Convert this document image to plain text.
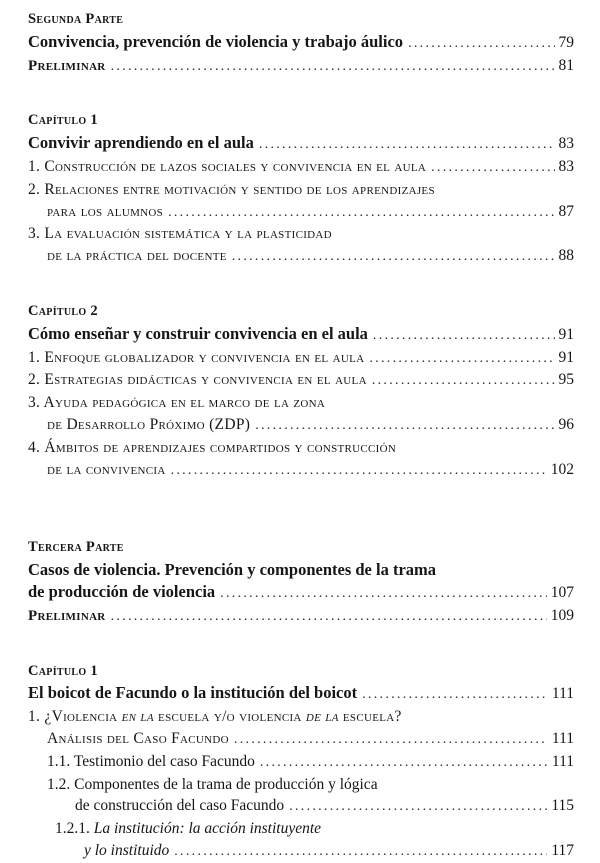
Segunda Parte
Convivencia, prevención de violencia y trabajo áulico .....	79
Preliminar .....	81
Capítulo 1
Convivir aprendiendo en el aula .....	83
1. Construcción de lazos sociales y convivencia en el aula .....	83
2. Relaciones entre motivación y sentido de los aprendizajes
para los alumnos .....	87
3. La evaluación sistemática y la plasticidad
de la práctica del docente .....	88
Capítulo 2
Cómo enseñar y construir convivencia en el aula .....	91
1. Enfoque globalizador y convivencia en el aula .....	91
2. Estrategias didácticas y convivencia en el aula .....	95
3. Ayuda pedagógica en el marco de la zona
de Desarrollo Próximo (ZDP) .....	96
4. Ámbitos de aprendizajes compartidos y construcción
de la convivencia .....	102
Tercera Parte
Casos de violencia. Prevención y componentes de la trama
de producción de violencia .....	107
Preliminar .....	109
Capítulo 1
El boicot de Facundo o la institución del boicot .....	111
1. ¿Violencia en la escuela y/o violencia de la escuela?
Análisis del Caso Facundo .....	111
1.1. Testimonio del caso Facundo .....	111
1.2. Componentes de la trama de producción y lógica
de construcción del caso Facundo .....	115
1.2.1. La institución: la acción instituyente
y lo instituido .....	117
